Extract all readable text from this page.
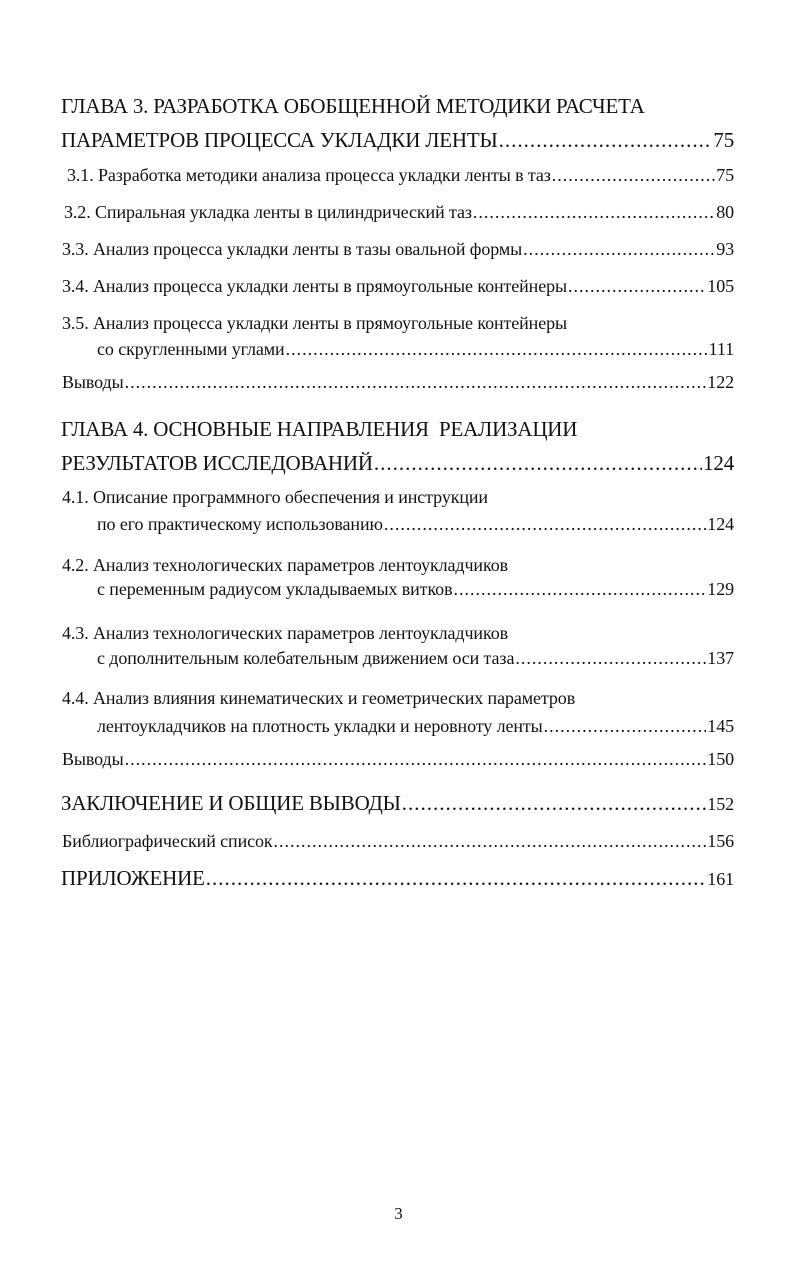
ГЛАВА 3. РАЗРАБОТКА ОБОБЩЕННОЙ МЕТОДИКИ РАСЧЕТА
ПАРАМЕТРОВ ПРОЦЕССА УКЛАДКИ ЛЕНТЫ .....	75
3.1. Разработка методики анализа процесса укладки ленты в таз .....	75
3.2. Спиральная укладка ленты в цилиндрический таз .....	80
3.3. Анализ процесса укладки ленты в тазы овальной формы .....	93
3.4. Анализ процесса укладки ленты в прямоугольные контейнеры .....	105
3.5. Анализ процесса укладки ленты в прямоугольные контейнеры
со скругленными углами .....	111
Выводы .....	122
ГЛАВА 4. ОСНОВНЫЕ НАПРАВЛЕНИЯ  РЕАЛИЗАЦИИ
РЕЗУЛЬТАТОВ ИССЛЕДОВАНИЙ .....	124
4.1. Описание программного обеспечения и инструкции
по его практическому использованию .....	124
4.2. Анализ технологических параметров лентоукладчиков
с переменным радиусом укладываемых витков .....	129
4.3. Анализ технологических параметров лентоукладчиков
с дополнительным колебательным движением оси таза .....	137
4.4. Анализ влияния кинематических и геометрических параметров
лентоукладчиков на плотность укладки и неровноту ленты .....	145
Выводы .....	150
ЗАКЛЮЧЕНИЕ И ОБЩИЕ ВЫВОДЫ .....	152
Библиографический список .....	156
ПРИЛОЖЕНИЕ .....	161
3
